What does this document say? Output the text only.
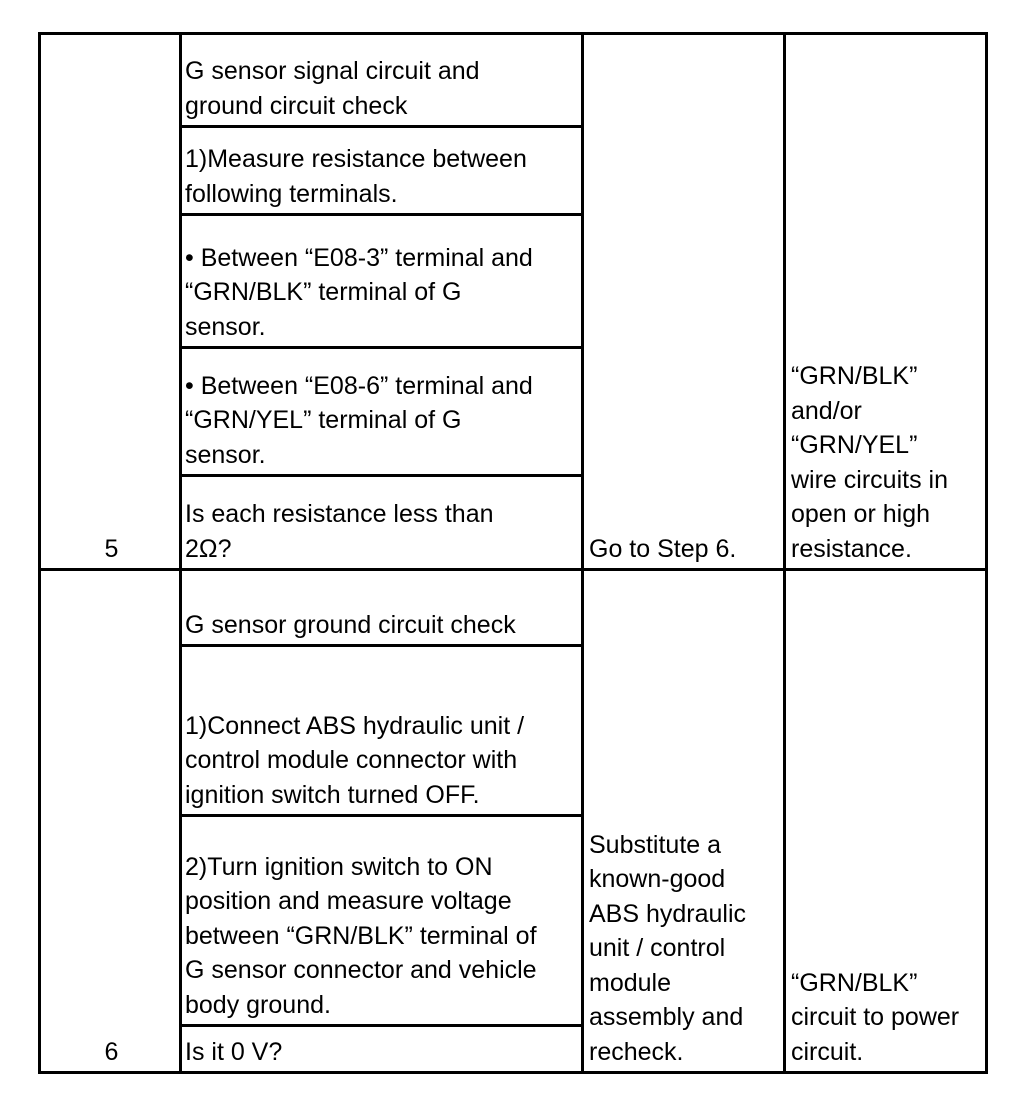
5
G sensor signal circuit and
ground circuit check
1)Measure resistance between
following terminals.
• Between “E08-3” terminal and
“GRN/BLK” terminal of G
sensor.
• Between “E08-6” terminal and
“GRN/YEL” terminal of G
sensor.
Is each resistance less than
2Ω?	Go to Step 6.
“GRN/BLK”
and/or
“GRN/YEL”
wire circuits in
open or high
resistance.
6
G sensor ground circuit check
1)Connect ABS hydraulic unit /
control module connector with
ignition switch turned OFF.
2)Turn ignition switch to ON
position and measure voltage
between “GRN/BLK” terminal of
G sensor connector and vehicle
body ground.
Is it 0 V?
Substitute a
known-good
ABS hydraulic
unit / control
module
assembly and
recheck.
“GRN/BLK”
circuit to power
circuit.
